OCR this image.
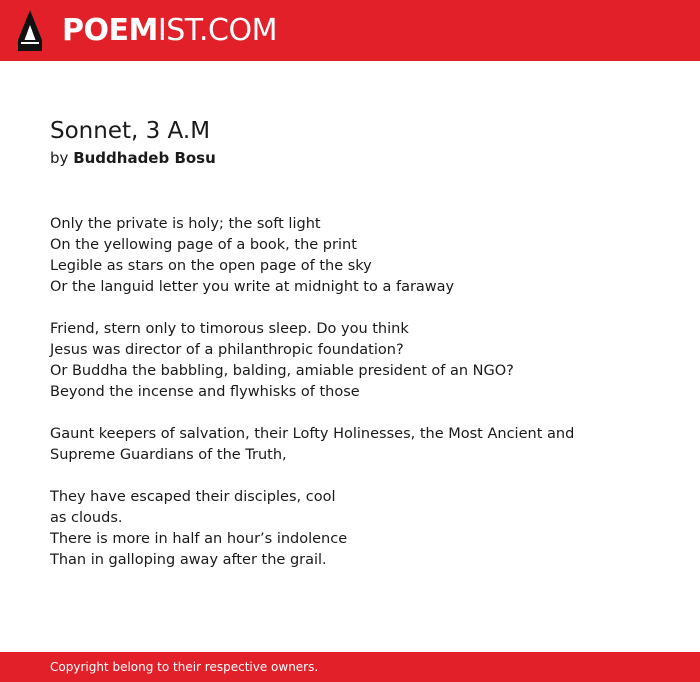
POEMIST.COM
Sonnet, 3 A.M
by Buddhadeb Bosu
Only the private is holy; the soft light
On the yellowing page of a book, the print
Legible as stars on the open page of the sky
Or the languid letter you write at midnight to a faraway
Friend, stern only to timorous sleep. Do you think
Jesus was director of a philanthropic foundation?
Or Buddha the babbling, balding, amiable president of an NGO?
Beyond the incense and flywhisks of those
Gaunt keepers of salvation, their Lofty Holinesses, the Most Ancient and
Supreme Guardians of the Truth,
They have escaped their disciples, cool
as clouds.
There is more in half an hour’s indolence
Than in galloping away after the grail.
Copyright belong to their respective owners.
